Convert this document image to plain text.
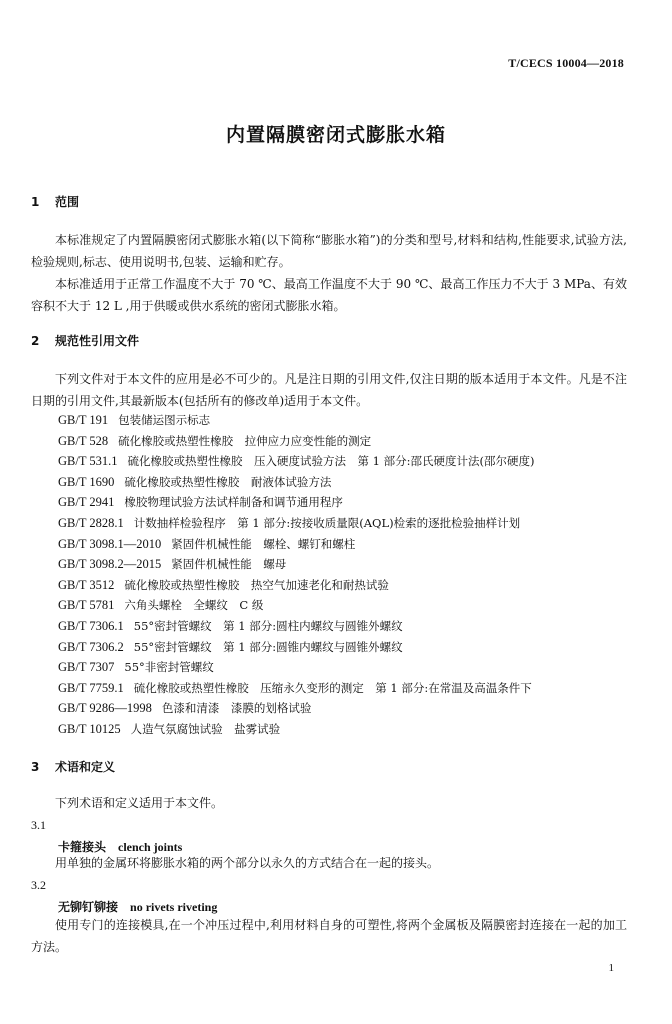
T/CECS 10004—2018
内置隔膜密闭式膨胀水箱
1 范围

本标准规定了内置隔膜密闭式膨胀水箱(以下简称“膨胀水箱”)的分类和型号,材料和结构,性能要求,试验方法,检验规则,标志、使用说明书,包装、运输和贮存。

本标准适用于正常工作温度不大于 70 ℃、最高工作温度不大于 90 ℃、最高工作压力不大于 3 MPa、有效容积不大于 12 L ,用于供暖或供水系统的密闭式膨胀水箱。

2 规范性引用文件

下列文件对于本文件的应用是必不可少的。凡是注日期的引用文件,仅注日期的版本适用于本文件。凡是不注日期的引用文件,其最新版本(包括所有的修改单)适用于本文件。

GB/T 191 包装储运图示标志
GB/T 528 硫化橡胶或热塑性橡胶　拉伸应力应变性能的测定
GB/T 531.1 硫化橡胶或热塑性橡胶　压入硬度试验方法　第 1 部分:邵氏硬度计法(邵尔硬度)
GB/T 1690 硫化橡胶或热塑性橡胶　耐液体试验方法
GB/T 2941 橡胶物理试验方法试样制备和调节通用程序
GB/T 2828.1 计数抽样检验程序　第 1 部分:按接收质量限(AQL)检索的逐批检验抽样计划
GB/T 3098.1—2010 紧固件机械性能　螺栓、螺钉和螺柱
GB/T 3098.2—2015 紧固件机械性能　螺母
GB/T 3512 硫化橡胶或热塑性橡胶　热空气加速老化和耐热试验
GB/T 5781 六角头螺栓　全螺纹　C 级
GB/T 7306.1 55°密封管螺纹　第 1 部分:圆柱内螺纹与圆锥外螺纹
GB/T 7306.2 55°密封管螺纹　第 1 部分:圆锥内螺纹与圆锥外螺纹
GB/T 7307 55°非密封管螺纹
GB/T 7759.1 硫化橡胶或热塑性橡胶　压缩永久变形的测定　第 1 部分:在常温及高温条件下
GB/T 9286—1998 色漆和清漆　漆膜的划格试验
GB/T 10125 人造气氛腐蚀试验　盐雾试验
3 术语和定义

下列术语和定义适用于本文件。

3.1
卡箍接头 clench joints

用单独的金属环将膨胀水箱的两个部分以永久的方式结合在一起的接头。

3.2
无铆钉铆接 no rivets riveting

使用专门的连接模具,在一个冲压过程中,利用材料自身的可塑性,将两个金属板及隔膜密封连接在一起的加工方法。

1
